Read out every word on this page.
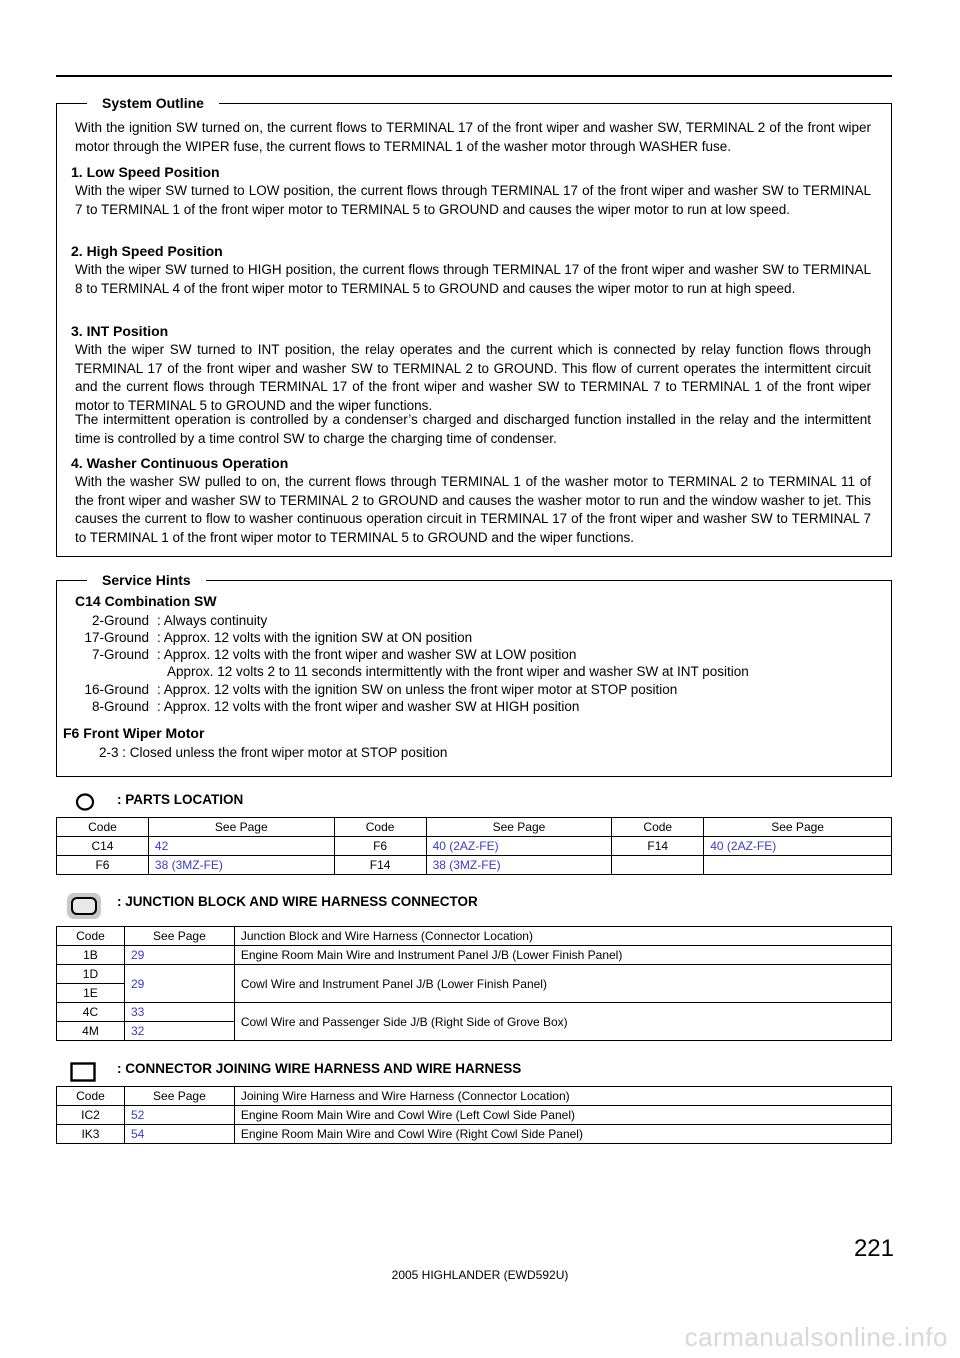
System Outline
With the ignition SW turned on, the current flows to TERMINAL 17 of the front wiper and washer SW, TERMINAL 2 of the front wiper motor through the WIPER fuse, the current flows to TERMINAL 1 of the washer motor through WASHER fuse.
1. Low Speed Position
With the wiper SW turned to LOW position, the current flows through TERMINAL 17 of the front wiper and washer SW to TERMINAL 7 to TERMINAL 1 of the front wiper motor to TERMINAL 5 to GROUND and causes the wiper motor to run at low speed.
2. High Speed Position
With the wiper SW turned to HIGH position, the current flows through TERMINAL 17 of the front wiper and washer SW to TERMINAL 8 to TERMINAL 4 of the front wiper motor to TERMINAL 5 to GROUND and causes the wiper motor to run at high speed.
3. INT Position
With the wiper SW turned to INT position, the relay operates and the current which is connected by relay function flows through TERMINAL 17 of the front wiper and washer SW to TERMINAL 2 to GROUND. This flow of current operates the intermittent circuit and the current flows through TERMINAL 17 of the front wiper and washer SW to TERMINAL 7 to TERMINAL 1 of the front wiper motor to TERMINAL 5 to GROUND and the wiper functions.
The intermittent operation is controlled by a condenser’s charged and discharged function installed in the relay and the intermittent time is controlled by a time control SW to charge the charging time of condenser.
4. Washer Continuous Operation
With the washer SW pulled to on, the current flows through TERMINAL 1 of the washer motor to TERMINAL 2 to TERMINAL 11 of the front wiper and washer SW to TERMINAL 2 to GROUND and causes the washer motor to run and the window washer to jet. This causes the current to flow to washer continuous operation circuit in TERMINAL 17 of the front wiper and washer SW to TERMINAL 7 to TERMINAL 1 of the front wiper motor to TERMINAL 5 to GROUND and the wiper functions.
Service Hints
C14 Combination SW
2-Ground : Always continuity
17-Ground : Approx. 12 volts with the ignition SW at ON position
7-Ground : Approx. 12 volts with the front wiper and washer SW at LOW position
Approx. 12 volts 2 to 11 seconds intermittently with the front wiper and washer SW at INT position
16-Ground : Approx. 12 volts with the ignition SW on unless the front wiper motor at STOP position
8-Ground : Approx. 12 volts with the front wiper and washer SW at HIGH position
F6 Front Wiper Motor
2-3 : Closed unless the front wiper motor at STOP position
: PARTS LOCATION
Code	See Page	Code	See Page	Code	See Page
C14	42	F6	40 (2AZ-FE)	F14	40 (2AZ-FE)
F6	38 (3MZ-FE)	F14	38 (3MZ-FE)		
: JUNCTION BLOCK AND WIRE HARNESS CONNECTOR
Code	See Page	Junction Block and Wire Harness (Connector Location)
1B	29	Engine Room Main Wire and Instrument Panel J/B (Lower Finish Panel)
1D	29	Cowl Wire and Instrument Panel J/B (Lower Finish Panel)
1E		
4C	33	Cowl Wire and Passenger Side J/B (Right Side of Grove Box)
4M	32	
: CONNECTOR JOINING WIRE HARNESS AND WIRE HARNESS
Code	See Page	Joining Wire Harness and Wire Harness (Connector Location)
IC2	52	Engine Room Main Wire and Cowl Wire (Left Cowl Side Panel)
IK3	54	Engine Room Main Wire and Cowl Wire (Right Cowl Side Panel)
221
2005 HIGHLANDER (EWD592U)
carmanualsonline.info
